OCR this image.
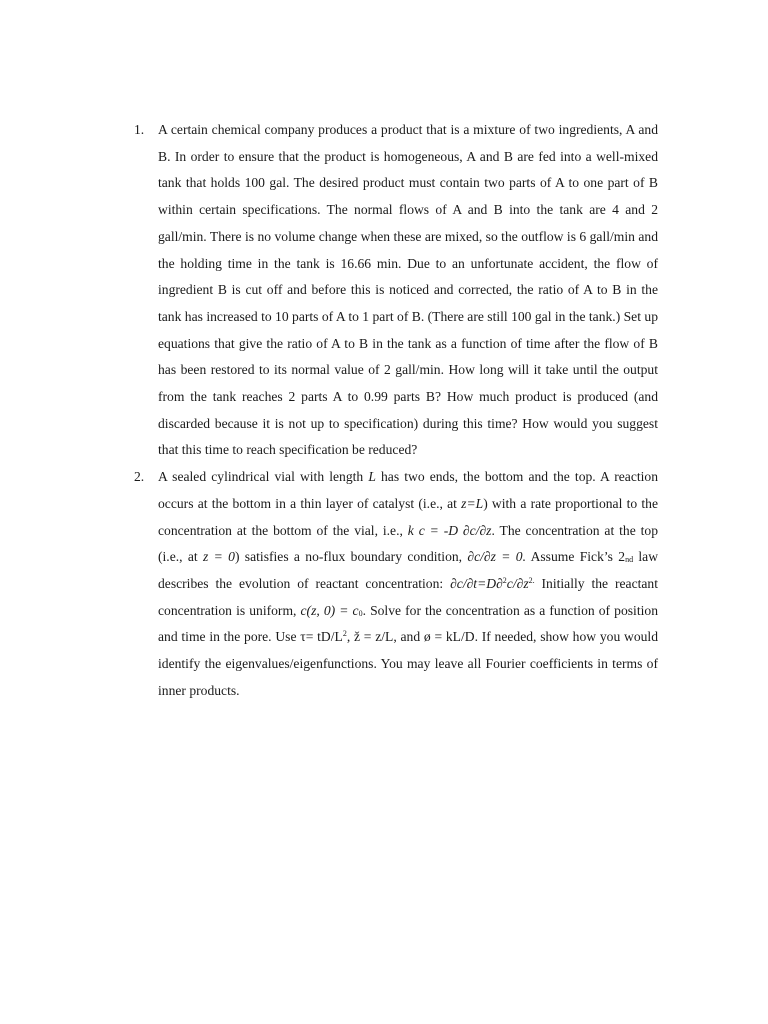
1. A certain chemical company produces a product that is a mixture of two ingredients, A and B. In order to ensure that the product is homogeneous, A and B are fed into a well-mixed tank that holds 100 gal. The desired product must contain two parts of A to one part of B within certain specifications. The normal flows of A and B into the tank are 4 and 2 gall/min. There is no volume change when these are mixed, so the outflow is 6 gall/min and the holding time in the tank is 16.66 min. Due to an unfortunate accident, the flow of ingredient B is cut off and before this is noticed and corrected, the ratio of A to B in the tank has increased to 10 parts of A to 1 part of B. (There are still 100 gal in the tank.) Set up equations that give the ratio of A to B in the tank as a function of time after the flow of B has been restored to its normal value of 2 gall/min. How long will it take until the output from the tank reaches 2 parts A to 0.99 parts B? How much product is produced (and discarded because it is not up to specification) during this time? How would you suggest that this time to reach specification be reduced?
2. A sealed cylindrical vial with length L has two ends, the bottom and the top. A reaction occurs at the bottom in a thin layer of catalyst (i.e., at z=L) with a rate proportional to the concentration at the bottom of the vial, i.e., k c = -D ∂c/∂z. The concentration at the top (i.e., at z = 0) satisfies a no-flux boundary condition, ∂c/∂z = 0. Assume Fick’s 2nd law describes the evolution of reactant concentration: $\partial c/\partial t=D\partial^2c/\partial z^{2.}$ Initially the reactant concentration is uniform, c(z, 0) = c0. Solve for the concentration as a function of position and time in the pore. Use $\tau= tD/L^2$, ž = z/L, and ø = kL/D. If needed, show how you would identify the eigenvalues/eigenfunctions. You may leave all Fourier coefficients in terms of inner products.
